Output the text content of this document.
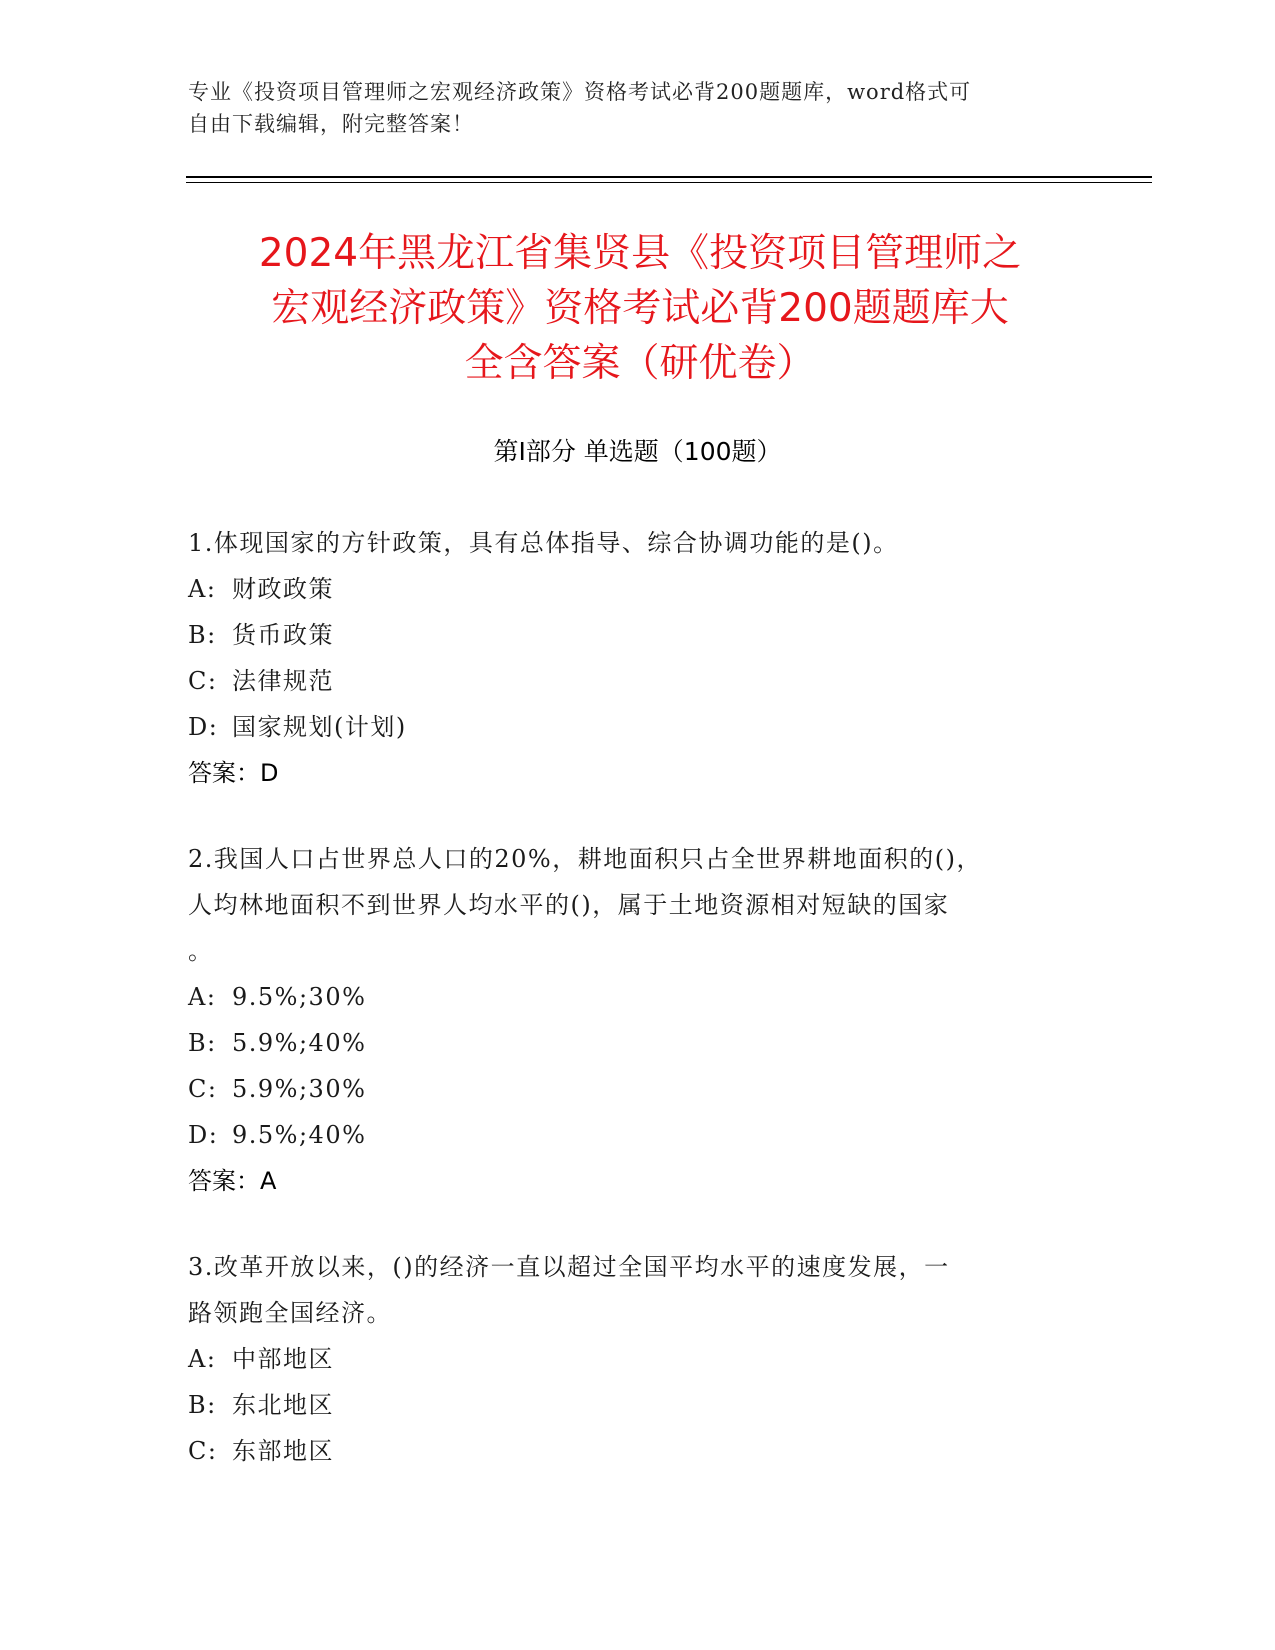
专业《投资项目管理师之宏观经济政策》资格考试必背200题题库，word格式可
自由下载编辑，附完整答案！
2024年黑龙江省集贤县《投资项目管理师之
宏观经济政策》资格考试必背200题题库大
全含答案（研优卷）
第I部分 单选题（100题）
1.体现国家的方针政策，具有总体指导、综合协调功能的是()。
A: 财政政策
B: 货币政策
C: 法律规范
D: 国家规划(计划)
答案：D
2.我国人口占世界总人口的20%，耕地面积只占全世界耕地面积的()，
人均林地面积不到世界人均水平的()，属于土地资源相对短缺的国家
。
A: 9.5%;30%
B: 5.9%;40%
C: 5.9%;30%
D: 9.5%;40%
答案：A
3.改革开放以来，()的经济一直以超过全国平均水平的速度发展，一
路领跑全国经济。
A: 中部地区
B: 东北地区
C: 东部地区
